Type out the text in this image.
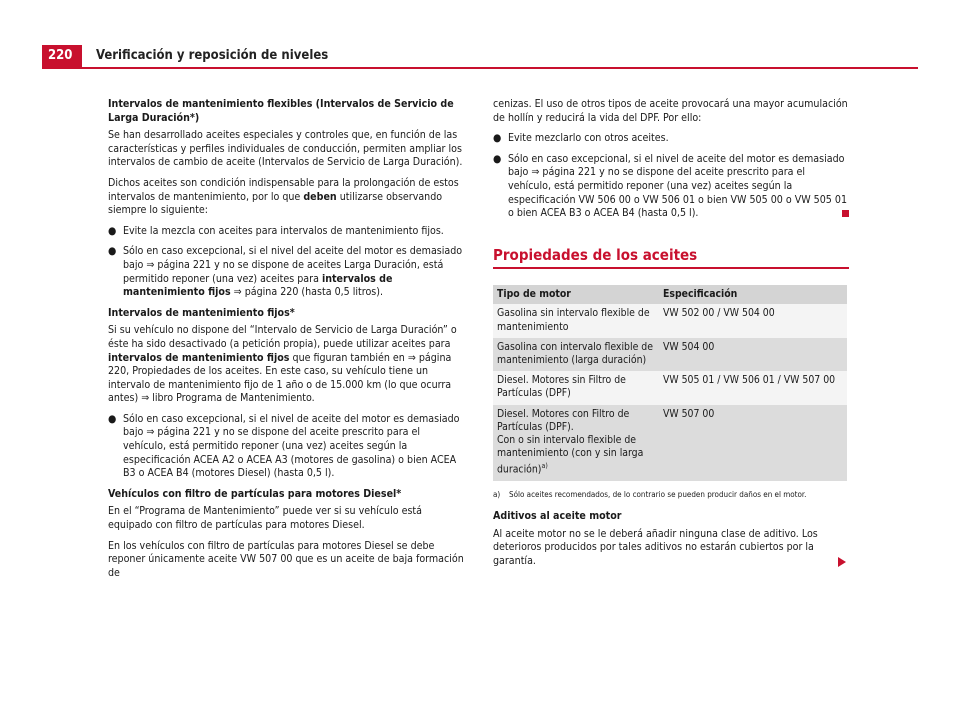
220	Verificación y reposición de niveles

Intervalos de mantenimiento flexibles (Intervalos de Servicio de Larga Duración*)

Se han desarrollado aceites especiales y controles que, en función de las características y perfiles individuales de conducción, permiten ampliar los intervalos de cambio de aceite (Intervalos de Servicio de Larga Duración).

Dichos aceites son condición indispensable para la prolongación de estos intervalos de mantenimiento, por lo que deben utilizarse observando siempre lo siguiente:

● Evite la mezcla con aceites para intervalos de mantenimiento fijos.
● Sólo en caso excepcional, si el nivel del aceite del motor es demasiado bajo ⇒ página 221 y no se dispone de aceites Larga Duración, está permitido reponer (una vez) aceites para intervalos de mantenimiento fijos ⇒ página 220 (hasta 0,5 litros).

Intervalos de mantenimiento fijos*

Si su vehículo no dispone del “Intervalo de Servicio de Larga Duración” o éste ha sido desactivado (a petición propia), puede utilizar aceites para intervalos de mantenimiento fijos que figuran también en ⇒ página 220, Propiedades de los aceites. En este caso, su vehículo tiene un intervalo de mantenimiento fijo de 1 año o de 15.000 km (lo que ocurra antes) ⇒ libro Programa de Mantenimiento.

● Sólo en caso excepcional, si el nivel de aceite del motor es demasiado bajo ⇒ página 221 y no se dispone del aceite prescrito para el vehículo, está permitido reponer (una vez) aceites según la especificación ACEA A2 o ACEA A3 (motores de gasolina) o bien ACEA B3 o ACEA B4 (motores Diesel) (hasta 0,5 l).

Vehículos con filtro de partículas para motores Diesel*

En el “Programa de Mantenimiento” puede ver si su vehículo está equipado con filtro de partículas para motores Diesel.

En los vehículos con filtro de partículas para motores Diesel se debe reponer únicamente aceite VW 507 00 que es un aceite de baja formación de

cenizas. El uso de otros tipos de aceite provocará una mayor acumulación de hollín y reducirá la vida del DPF. Por ello:

● Evite mezclarlo con otros aceites.
● Sólo en caso excepcional, si el nivel de aceite del motor es demasiado bajo ⇒ página 221 y no se dispone del aceite prescrito para el vehículo, está permitido reponer (una vez) aceites según la especificación VW 506 00 o VW 506 01 o bien VW 505 00 o VW 505 01 o bien ACEA B3 o ACEA B4 (hasta 0,5 l).
Propiedades de los aceites
Tipo de motor	Especificación
Gasolina sin intervalo flexible de mantenimiento	VW 502 00 / VW 504 00
Gasolina con intervalo flexible de mantenimiento (larga duración)	VW 504 00
Diesel. Motores sin Filtro de Partículas (DPF)	VW 505 01 / VW 506 01 / VW 507 00
Diesel. Motores con Filtro de Partículas (DPF).
Con o sin intervalo flexible de mantenimiento (con y sin larga duración)$^{a)}$	VW 507 00
a)	Sólo aceites recomendados, de lo contrario se pueden producir daños en el motor.

Aditivos al aceite motor

Al aceite motor no se le deberá añadir ninguna clase de aditivo. Los deterioros producidos por tales aditivos no estarán cubiertos por la garantía.
